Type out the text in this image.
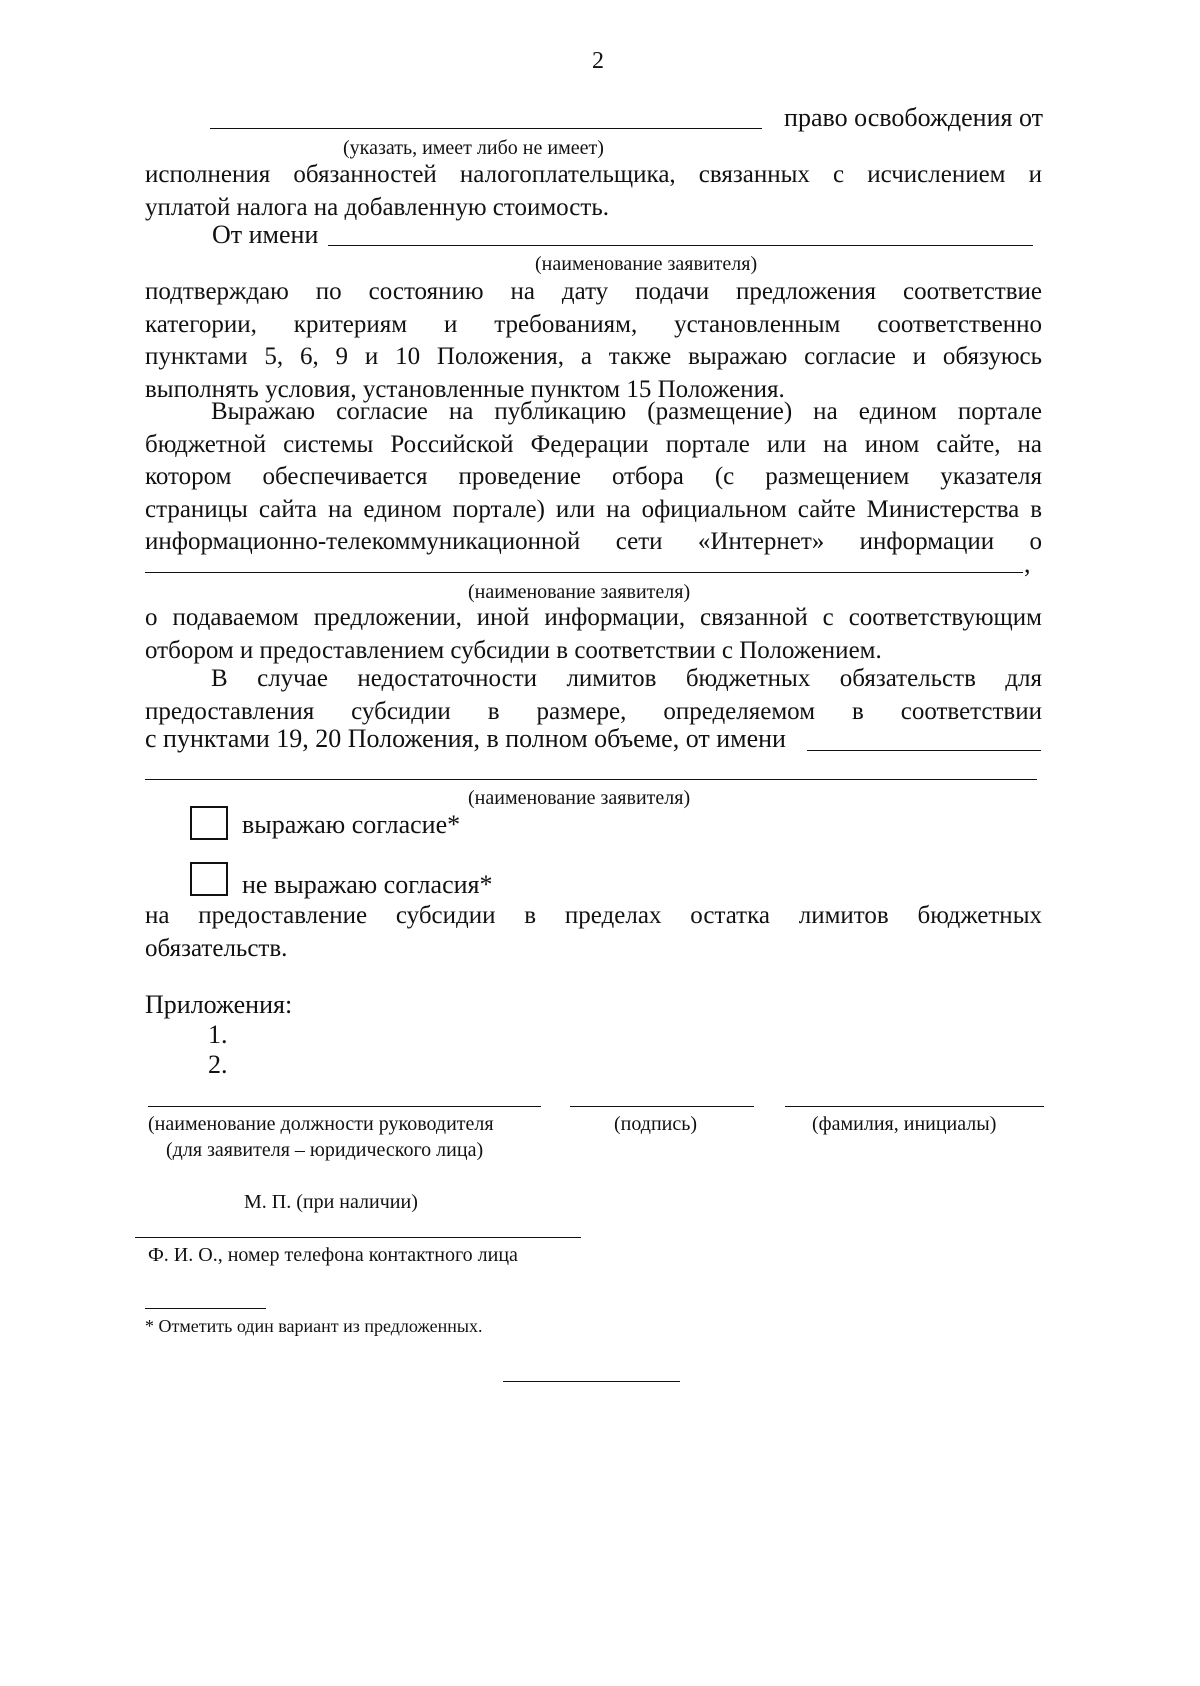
2
право освобождения от
(указать, имеет либо не имеет)
исполнения обязанностей налогоплательщика, связанных с исчислением и
уплатой налога на добавленную стоимость.
От имени
(наименование заявителя)
подтверждаю по состоянию на дату подачи предложения соответствие
категории, критериям и требованиям, установленным соответственно
пунктами 5, 6, 9 и 10 Положения, а также выражаю согласие и обязуюсь
выполнять условия, установленные пунктом 15 Положения.
Выражаю согласие на публикацию (размещение) на едином портале
бюджетной системы Российской Федерации портале или на ином сайте, на
котором обеспечивается проведение отбора (с размещением указателя
страницы сайта на едином портале) или на официальном сайте Министерства в
информационно-телекоммуникационной сети «Интернет» информации о
,
(наименование заявителя)
о подаваемом предложении, иной информации, связанной с соответствующим
отбором и предоставлением субсидии в соответствии с Положением.
В случае недостаточности лимитов бюджетных обязательств для
предоставления субсидии в размере, определяемом в соответствии
с пунктами 19, 20 Положения, в полном объеме, от имени
(наименование заявителя)
выражаю согласие*
не выражаю согласия*
на предоставление субсидии в пределах остатка лимитов бюджетных
обязательств.
Приложения:
1.
2.
(наименование должности руководителя
(для заявителя – юридического лица)
(подпись)	(фамилия, инициалы)
М. П. (при наличии)
Ф. И. О., номер телефона контактного лица
* Отметить один вариант из предложенных.
